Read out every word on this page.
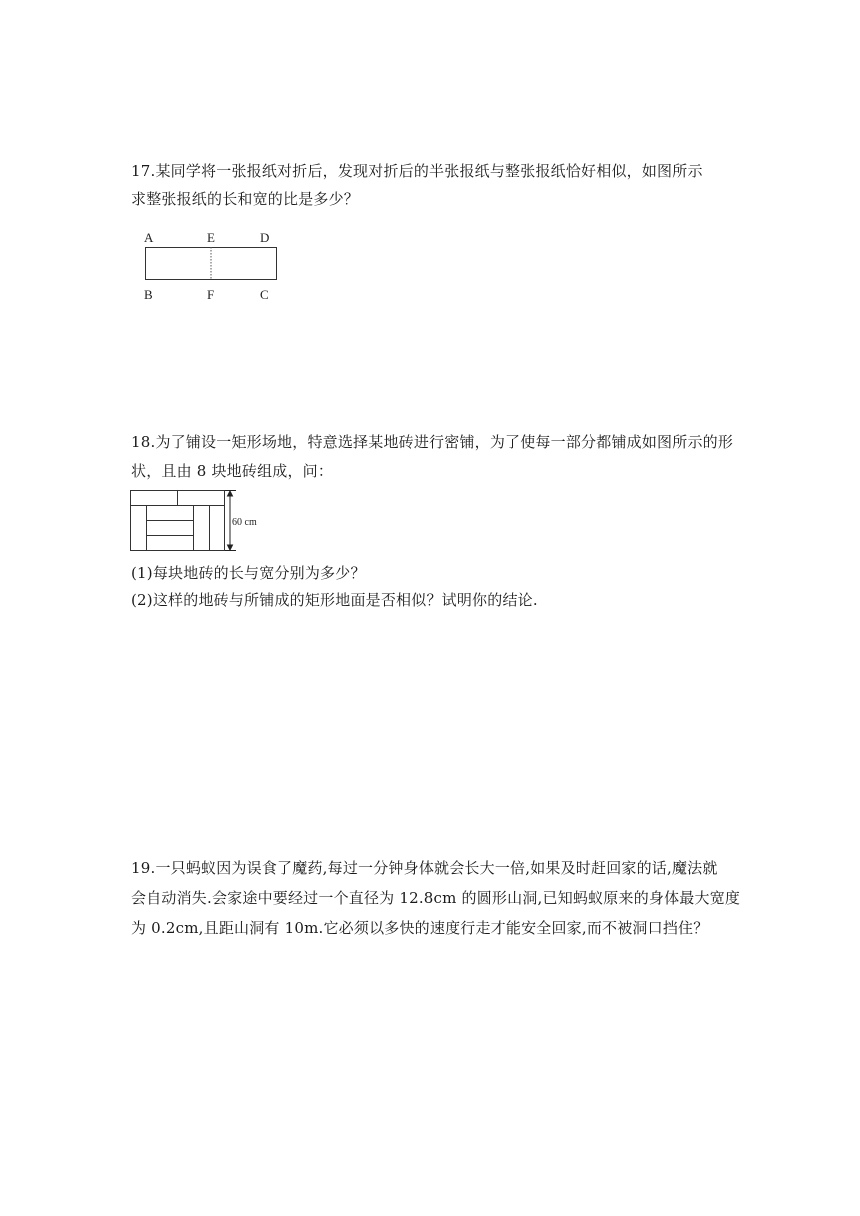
17.某同学将一张报纸对折后，发现对折后的半张报纸与整张报纸恰好相似，如图所示
求整张报纸的长和宽的比是多少？
A	E	D
B	F	C
18.为了铺设一矩形场地，特意选择某地砖进行密铺，为了使每一部分都铺成如图所示的形
状，且由 8 块地砖组成，问：
60 cm
(1)每块地砖的长与宽分别为多少？
(2)这样的地砖与所铺成的矩形地面是否相似？试明你的结论.
19.一只蚂蚁因为误食了魔药,每过一分钟身体就会长大一倍,如果及时赶回家的话,魔法就
会自动消失.会家途中要经过一个直径为 12.8cm 的圆形山洞,已知蚂蚁原来的身体最大宽度
为 0.2cm,且距山洞有 10m.它必须以多快的速度行走才能安全回家,而不被洞口挡住？
